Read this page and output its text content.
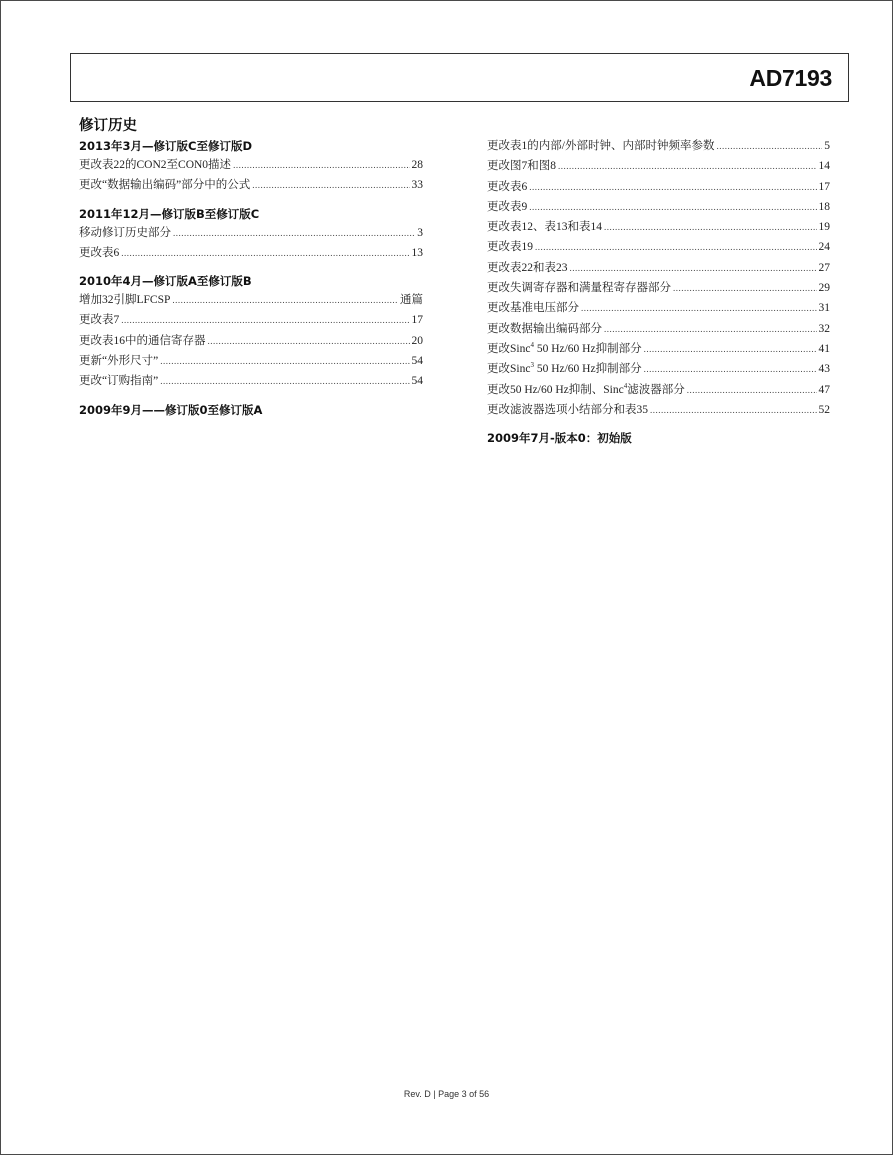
AD7193
修订历史
2013年3月—修订版C至修订版D
更改表22的CON2至CON0描述 .....	28
更改“数据输出编码”部分中的公式 .....	33
2011年12月—修订版B至修订版C
移动修订历史部分 .....	3
更改表6 .....	13
2010年4月—修订版A至修订版B
增加32引脚LFCSP .....	通篇
更改表7 .....	17
更改表16中的通信寄存器 .....	20
更新“外形尺寸” .....	54
更改“订购指南” .....	54
2009年9月——修订版0至修订版A
更改表1的内部/外部时钟、内部时钟频率参数 .....	5
更改图7和图8 .....	14
更改表6 .....	17
更改表9 .....	18
更改表12、表13和表14 .....	19
更改表19 .....	24
更改表22和表23 .....	27
更改失调寄存器和满量程寄存器部分 .....	29
更改基准电压部分 .....	31
更改数据输出编码部分 .....	32
更改Sinc$^4$ 50 Hz/60 Hz抑制部分 .....	41
更改Sinc$^3$ 50 Hz/60 Hz抑制部分 .....	43
更改50 Hz/60 Hz抑制、Sinc$^4$滤波器部分 .....	47
更改滤波器选项小结部分和表35 .....	52
2009年7月-版本0：初始版
Rev. D | Page 3 of 56
